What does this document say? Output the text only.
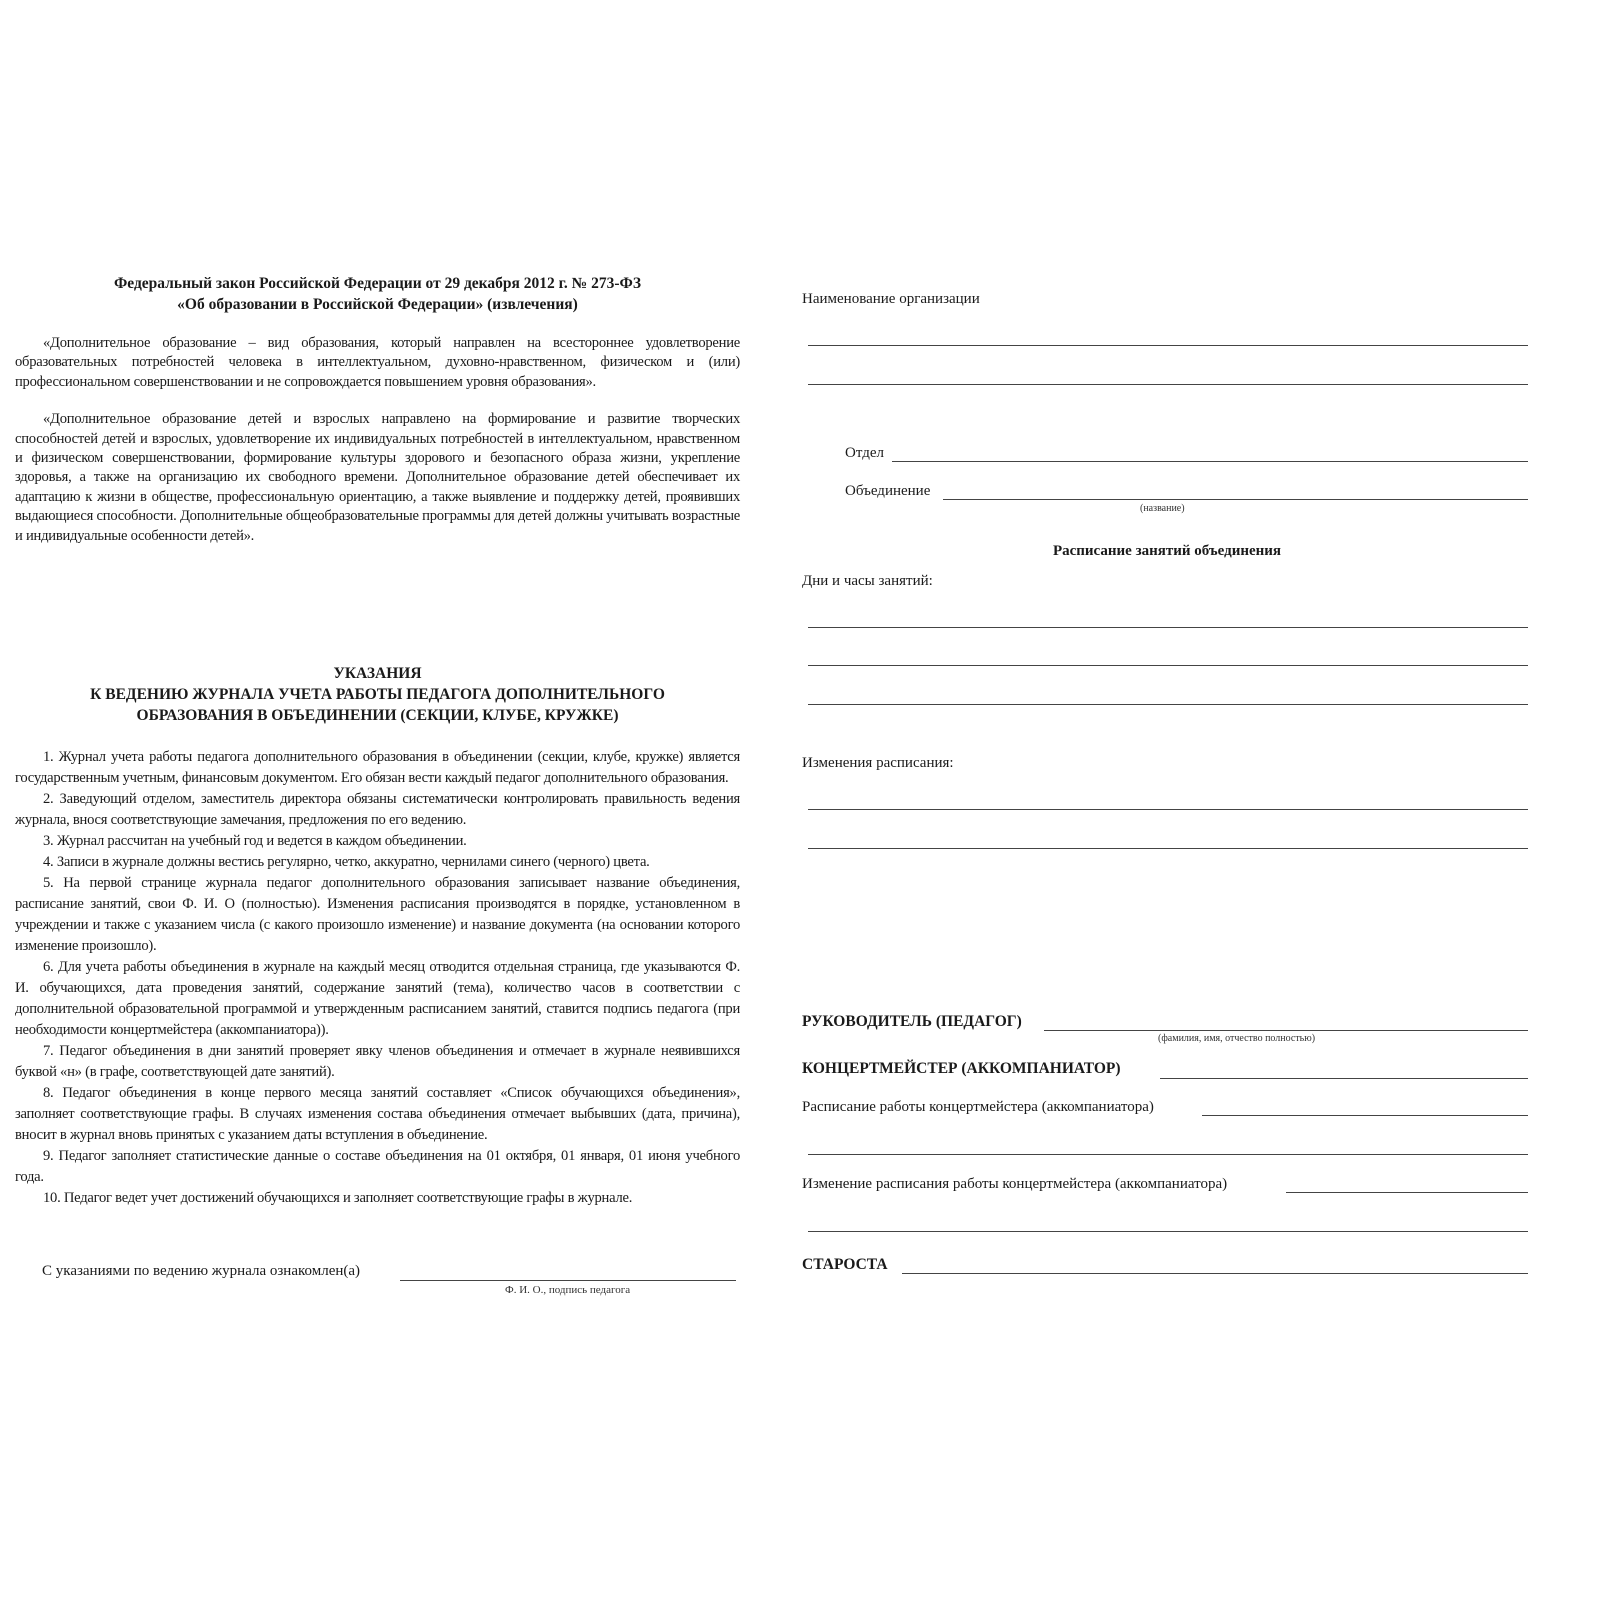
Федеральный закон Российской Федерации от 29 декабря 2012 г. № 273-ФЗ
«Об образовании в Российской Федерации» (извлечения)

«Дополнительное образование – вид образования, который направлен на всестороннее удовлетворение образовательных потребностей человека в интеллектуальном, духовно-нравственном, физическом и (или) профессиональном совершенствовании и не сопровождается повышением уровня образования».

«Дополнительное образование детей и взрослых направлено на формирование и развитие творческих способностей детей и взрослых, удовлетворение их индивидуальных потребностей в интеллектуальном, нравственном и физическом совершенствовании, формирование культуры здорового и безопасного образа жизни, укрепление здоровья, а также на организацию их свободного времени. Дополнительное образование детей обеспечивает их адаптацию к жизни в обществе, профессиональную ориентацию, а также выявление и поддержку детей, проявивших выдающиеся способности. Дополнительные общеобразовательные программы для детей должны учитывать возрастные и индивидуальные особенности детей».

УКАЗАНИЯ
К ВЕДЕНИЮ ЖУРНАЛА УЧЕТА РАБОТЫ ПЕДАГОГА ДОПОЛНИТЕЛЬНОГО
ОБРАЗОВАНИЯ В ОБЪЕДИНЕНИИ (СЕКЦИИ, КЛУБЕ, КРУЖКЕ)

1. Журнал учета работы педагога дополнительного образования в объединении (секции, клубе, кружке) является государственным учетным, финансовым документом. Его обязан вести каждый педагог дополнительного образования.

2. Заведующий отделом, заместитель директора обязаны систематически контролировать правильность ведения журнала, внося соответствующие замечания, предложения по его ведению.

3. Журнал рассчитан на учебный год и ведется в каждом объединении.

4. Записи в журнале должны вестись регулярно, четко, аккуратно, чернилами синего (черного) цвета.

5. На первой странице журнала педагог дополнительного образования записывает название объединения, расписание занятий, свои Ф. И. О (полностью). Изменения расписания производятся в порядке, установленном в учреждении и также с указанием числа (с какого произошло изменение) и название документа (на основании которого изменение произошло).

6. Для учета работы объединения в журнале на каждый месяц отводится отдельная страница, где указываются Ф. И. обучающихся, дата проведения занятий, содержание занятий (тема), количество часов в соответствии с дополнительной образовательной программой и утвержденным расписанием занятий, ставится подпись педагога (при необходимости концертмейстера (аккомпаниатора)).

7. Педагог объединения в дни занятий проверяет явку членов объединения и отмечает в журнале неявившихся буквой «н» (в графе, соответствующей дате занятий).

8. Педагог объединения в конце первого месяца занятий составляет «Список обучающихся объединения», заполняет соответствующие графы. В случаях изменения состава объединения отмечает выбывших (дата, причина), вносит в журнал вновь принятых с указанием даты вступления в объединение.

9. Педагог заполняет статистические данные о составе объединения на 01 октября, 01 января, 01 июня учебного года.

10. Педагог ведет учет достижений обучающихся и заполняет соответствующие графы в журнале.

С указаниями по ведению журнала ознакомлен(а)
Ф. И. О., подпись педагога
Наименование организации
Отдел
Объединение
(название)
Расписание занятий объединения
Дни и часы занятий:
Изменения расписания:
РУКОВОДИТЕЛЬ (ПЕДАГОГ)
(фамилия, имя, отчество полностью)
КОНЦЕРТМЕЙСТЕР (АККОМПАНИАТОР)
Расписание работы концертмейстера (аккомпаниатора)
Изменение расписания работы концертмейстера (аккомпаниатора)
СТАРОСТА
